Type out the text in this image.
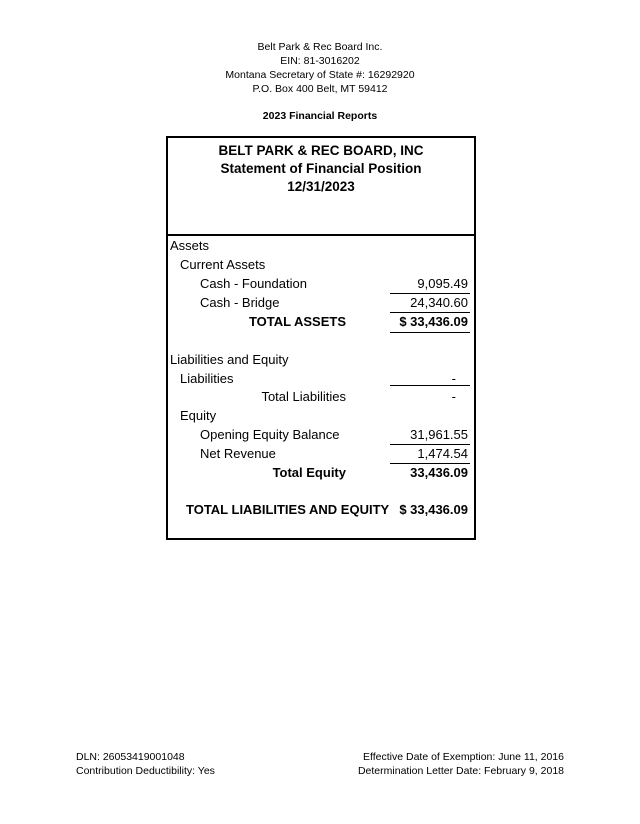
Belt Park & Rec Board Inc.
EIN: 81-3016202
Montana Secretary of State #: 16292920
P.O. Box 400 Belt, MT 59412
2023 Financial Reports
BELT PARK & REC BOARD, INC
Statement of Financial Position
12/31/2023
Assets
Current Assets
Cash - Foundation	9,095.49
Cash - Bridge	24,340.60
TOTAL ASSETS	$ 33,436.09
Liabilities and Equity
Liabilities	-
Total Liabilities	-
Equity
Opening Equity Balance	31,961.55
Net Revenue	1,474.54
Total Equity	33,436.09
TOTAL LIABILITIES AND EQUITY $ 33,436.09
DLN: 26053419001048
Contribution Deductibility: Yes
Effective Date of Exemption: June 11, 2016
Determination Letter Date: February 9, 2018
